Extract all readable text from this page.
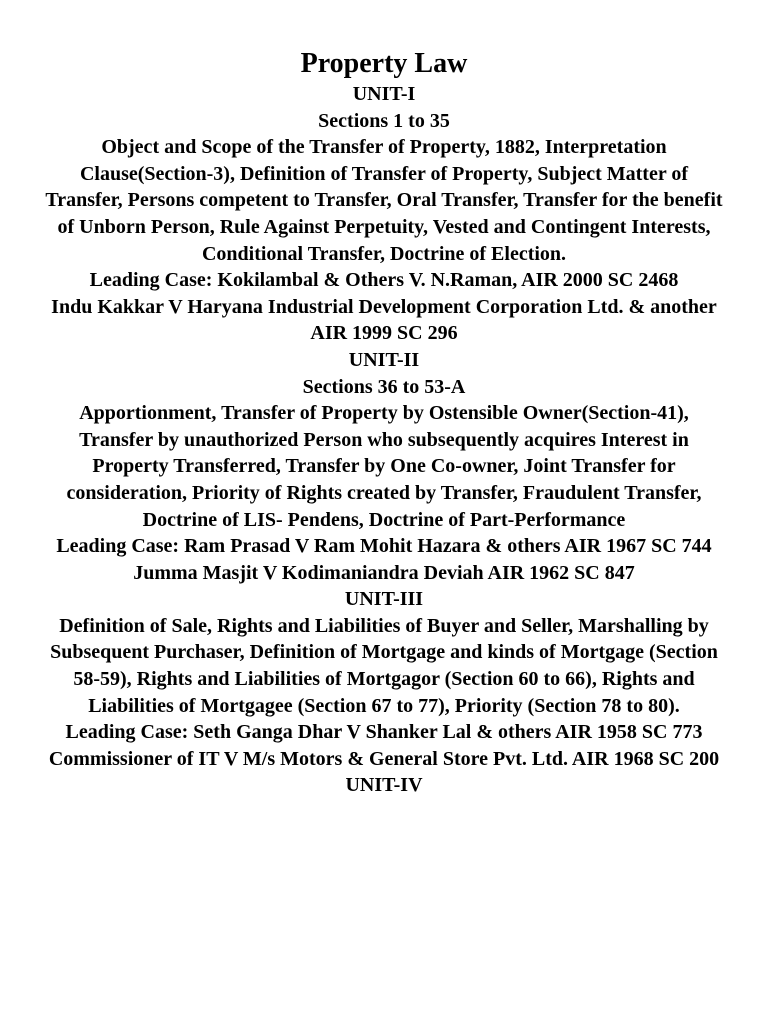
Property Law
UNIT-I
Sections 1 to 35
Object and Scope of the Transfer of Property, 1882, Interpretation Clause(Section-3), Definition of Transfer of Property, Subject Matter of Transfer, Persons competent to Transfer, Oral Transfer, Transfer for the benefit of Unborn Person, Rule Against Perpetuity, Vested and Contingent Interests, Conditional Transfer, Doctrine of Election.
Leading Case: Kokilambal & Others V. N.Raman, AIR 2000 SC 2468
Indu Kakkar V Haryana Industrial Development Corporation Ltd. & another AIR 1999 SC 296
UNIT-II
Sections 36 to 53-A
Apportionment, Transfer of Property by Ostensible Owner(Section-41), Transfer by unauthorized Person who subsequently acquires Interest in Property Transferred, Transfer by One Co-owner, Joint Transfer for consideration, Priority of Rights created by Transfer, Fraudulent Transfer, Doctrine of LIS- Pendens, Doctrine of Part-Performance
Leading Case: Ram Prasad V Ram Mohit Hazara & others AIR 1967 SC 744
Jumma Masjit V Kodimaniandra Deviah AIR 1962 SC 847
UNIT-III
Definition of Sale, Rights and Liabilities of Buyer and Seller, Marshalling by Subsequent Purchaser, Definition of Mortgage and kinds of Mortgage (Section 58-59), Rights and Liabilities of Mortgagor (Section 60 to 66), Rights and Liabilities of Mortgagee (Section 67 to 77), Priority (Section 78 to 80).
Leading Case: Seth Ganga Dhar V Shanker Lal & others AIR 1958 SC 773
Commissioner of IT V M/s Motors & General Store Pvt. Ltd. AIR 1968 SC 200
UNIT-IV
